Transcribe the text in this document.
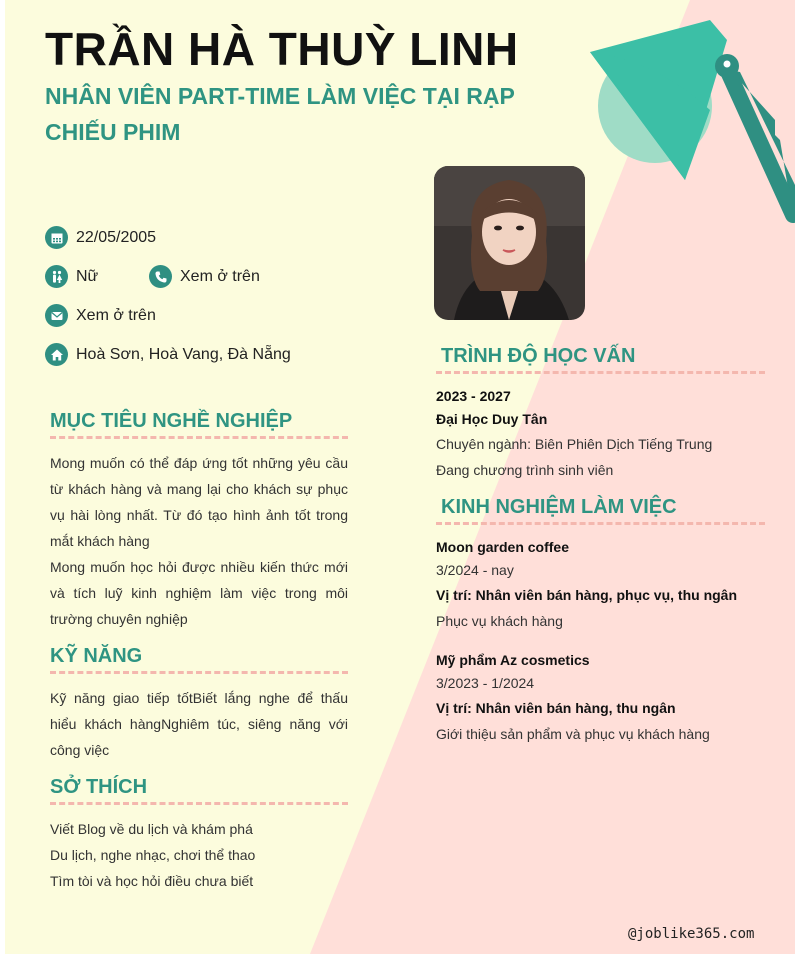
TRẦN HÀ THUỲ LINH
NHÂN VIÊN PART-TIME LÀM VIỆC TẠI RẠP CHIẾU PHIM
22/05/2005
Nữ	Xem ở trên
Xem ở trên
Hoà Sơn, Hoà Vang, Đà Nẵng
MỤC TIÊU NGHỀ NGHIỆP
Mong muốn có thể đáp ứng tốt những yêu cầu từ khách hàng và mang lại cho khách sự phục vụ hài lòng nhất. Từ đó tạo hình ảnh tốt trong mắt khách hàng
Mong muốn học hỏi được nhiều kiến thức mới và tích luỹ kinh nghiệm làm việc trong môi trường chuyên nghiệp
KỸ NĂNG
Kỹ năng giao tiếp tốtBiết lắng nghe để thấu hiểu khách hàngNghiêm túc, siêng năng với công việc
SỞ THÍCH
Viết Blog về du lịch và khám phá
Du lịch, nghe nhạc, chơi thể thao
Tìm tòi và học hỏi điều chưa biết
TRÌNH ĐỘ HỌC VẤN
2023 - 2027
Đại Học Duy Tân
Chuyên ngành: Biên Phiên Dịch Tiếng Trung
Đang chương trình sinh viên
KINH NGHIỆM LÀM VIỆC
Moon garden coffee
3/2024 - nay
Vị trí: Nhân viên bán hàng, phục vụ, thu ngân
Phục vụ khách hàng
Mỹ phẩm Az cosmetics
3/2023 - 1/2024
Vị trí: Nhân viên bán hàng, thu ngân
Giới thiệu sản phẩm và phục vụ khách hàng
@joblike365.com
